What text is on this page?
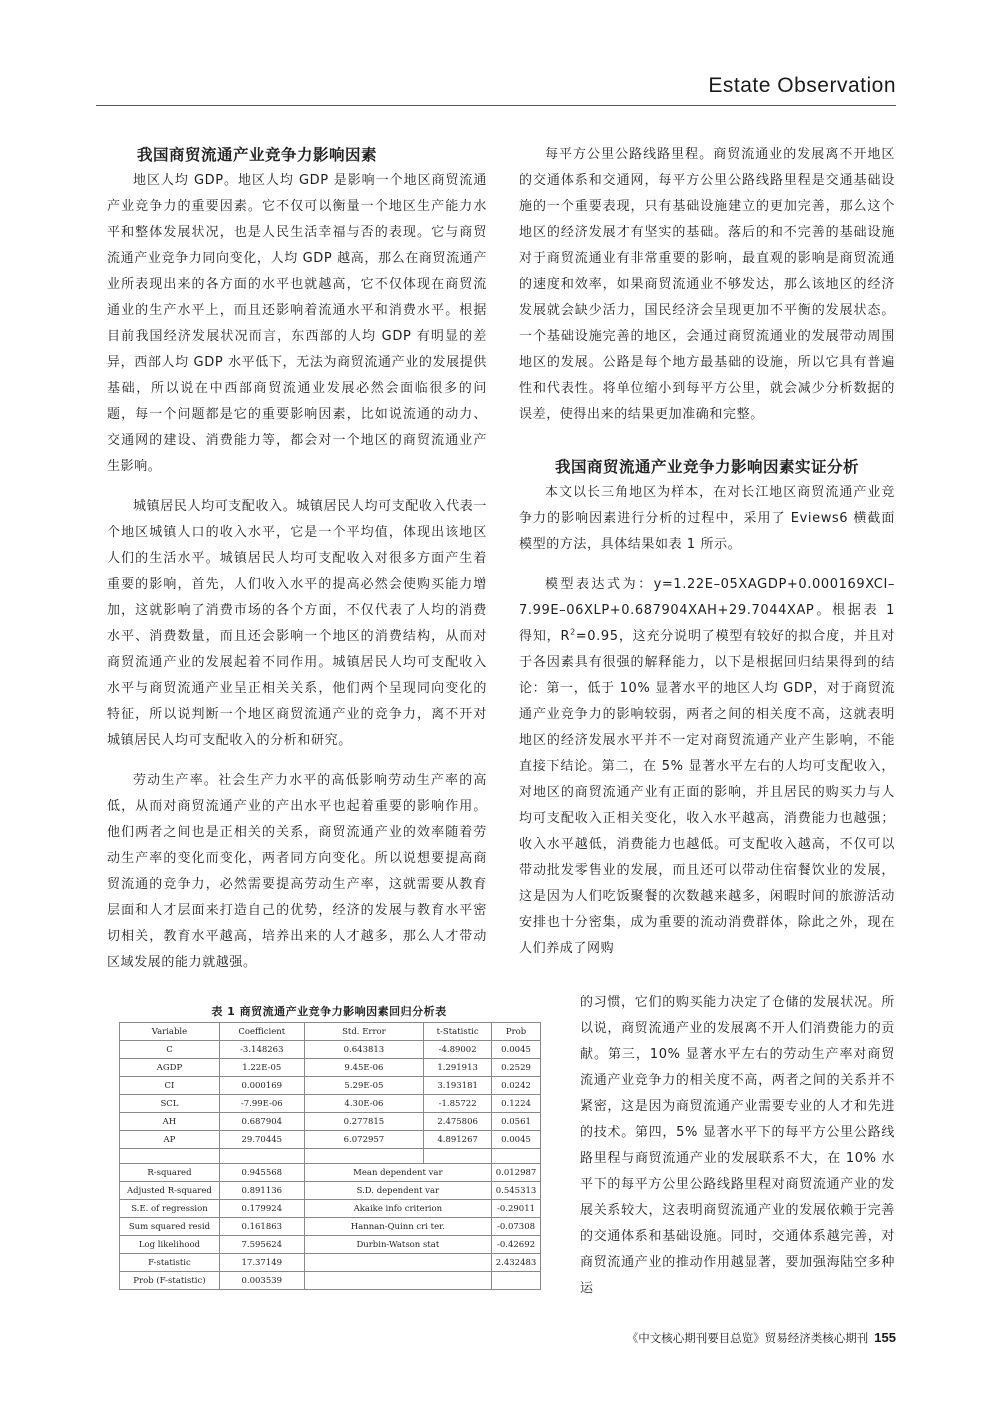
Estate Observation
我国商贸流通产业竞争力影响因素

地区人均 GDP。地区人均 GDP 是影响一个地区商贸流通产业竞争力的重要因素。它不仅可以衡量一个地区生产能力水平和整体发展状况，也是人民生活幸福与否的表现。它与商贸流通产业竞争力同向变化，人均 GDP 越高，那么在商贸流通产业所表现出来的各方面的水平也就越高，它不仅体现在商贸流通业的生产水平上，而且还影响着流通水平和消费水平。根据目前我国经济发展状况而言，东西部的人均 GDP 有明显的差异，西部人均 GDP 水平低下，无法为商贸流通产业的发展提供基础，所以说在中西部商贸流通业发展必然会面临很多的问题，每一个问题都是它的重要影响因素，比如说流通的动力、交通网的建设、消费能力等，都会对一个地区的商贸流通业产生影响。

城镇居民人均可支配收入。城镇居民人均可支配收入代表一个地区城镇人口的收入水平，它是一个平均值，体现出该地区人们的生活水平。城镇居民人均可支配收入对很多方面产生着重要的影响，首先，人们收入水平的提高必然会使购买能力增加，这就影响了消费市场的各个方面，不仅代表了人均的消费水平、消费数量，而且还会影响一个地区的消费结构，从而对商贸流通产业的发展起着不同作用。城镇居民人均可支配收入水平与商贸流通产业呈正相关关系，他们两个呈现同向变化的特征，所以说判断一个地区商贸流通产业的竞争力，离不开对城镇居民人均可支配收入的分析和研究。

劳动生产率。社会生产力水平的高低影响劳动生产率的高低，从而对商贸流通产业的产出水平也起着重要的影响作用。他们两者之间也是正相关的关系，商贸流通产业的效率随着劳动生产率的变化而变化，两者同方向变化。所以说想要提高商贸流通的竞争力，必然需要提高劳动生产率，这就需要从教育层面和人才层面来打造自己的优势，经济的发展与教育水平密切相关，教育水平越高，培养出来的人才越多，那么人才带动区域发展的能力就越强。

每平方公里公路线路里程。商贸流通业的发展离不开地区的交通体系和交通网，每平方公里公路线路里程是交通基础设施的一个重要表现，只有基础设施建立的更加完善，那么这个地区的经济发展才有坚实的基础。落后的和不完善的基础设施对于商贸流通业有非常重要的影响，最直观的影响是商贸流通的速度和效率，如果商贸流通业不够发达，那么该地区的经济发展就会缺少活力，国民经济会呈现更加不平衡的发展状态。一个基础设施完善的地区，会通过商贸流通业的发展带动周围地区的发展。公路是每个地方最基础的设施，所以它具有普遍性和代表性。将单位缩小到每平方公里，就会减少分析数据的误差，使得出来的结果更加准确和完整。

我国商贸流通产业竞争力影响因素实证分析

本文以长三角地区为样本，在对长江地区商贸流通产业竞争力的影响因素进行分析的过程中，采用了 Eviews6 横截面模型的方法，具体结果如表 1 所示。

模型表达式为：y=1.22E–05XAGDP+0.000169XCI–7.99E–06XLP+0.687904XAH+29.7044XAP。根据表 1 得知，$R^2=0.95$，这充分说明了模型有较好的拟合度，并且对于各因素具有很强的解释能力，以下是根据回归结果得到的结论：第一，低于 10% 显著水平的地区人均 GDP，对于商贸流通产业竞争力的影响较弱，两者之间的相关度不高，这就表明地区的经济发展水平并不一定对商贸流通产业产生影响，不能直接下结论。第二，在 5% 显著水平左右的人均可支配收入，对地区的商贸流通产业有正面的影响，并且居民的购买力与人均可支配收入正相关变化，收入水平越高，消费能力也越强；收入水平越低，消费能力也越低。可支配收入越高，不仅可以带动批发零售业的发展，而且还可以带动住宿餐饮业的发展，这是因为人们吃饭聚餐的次数越来越多，闲暇时间的旅游活动安排也十分密集，成为重要的流动消费群体，除此之外，现在人们养成了网购

的习惯，它们的购买能力决定了仓储的发展状况。所以说，商贸流通产业的发展离不开人们消费能力的贡献。第三，10% 显著水平左右的劳动生产率对商贸流通产业竞争力的相关度不高，两者之间的关系并不紧密，这是因为商贸流通产业需要专业的人才和先进的技术。第四，5% 显著水平下的每平方公里公路线路里程与商贸流通产业的发展联系不大，在 10% 水平下的每平方公里公路线路里程对商贸流通产业的发展关系较大，这表明商贸流通产业的发展依赖于完善的交通体系和基础设施。同时，交通体系越完善，对商贸流通产业的推动作用越显著，要加强海陆空多种运

表 1 商贸流通产业竞争力影响因素回归分析表
Variable	Coefficient	Std. Error	t-Statistic	Prob
C	-3.148263	0.643813	-4.89002	0.0045
AGDP	1.22E-05	9.45E-06	1.291913	0.2529
CI	0.000169	5.29E-05	3.193181	0.0242
SCL	-7.99E-06	4.30E-06	-1.85722	0.1224
AH	0.687904	0.277815	2.475806	0.0561
AP	29.70445	6.072957	4.891267	0.0045

R-squared	0.945568	Mean dependent var		0.012987
Adjusted R-squared	0.891136	S.D. dependent var		0.545313
S.E. of regression	0.179924	Akaike info criterion		-0.29011
Sum squared resid	0.161863	Hannan-Quinn cri ter.		-0.07308
Log likelihood	7.595624	Durbin-Watson stat		-0.42692
F-statistic	17.37149			2.432483
Prob (F-statistic)	0.003539			
《中文核心期刊要目总览》贸易经济类核心期刊 155
